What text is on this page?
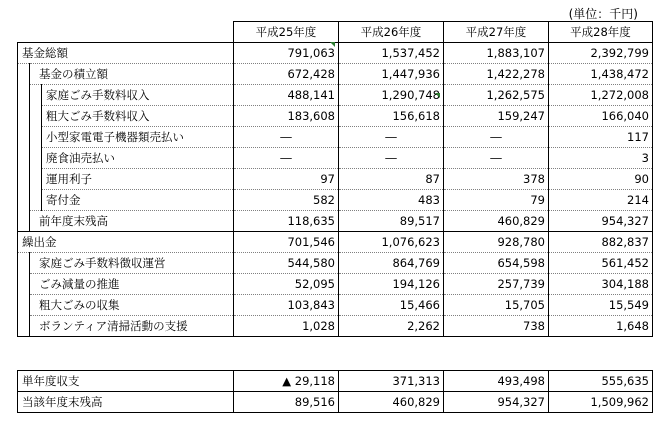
(単位：千円)
			平成25年度	平成26年度	平成27年度	平成28年度
基金総額			791,063	1,537,452	1,883,107	2,392,799
	基金の積立額		672,428	1,447,936	1,422,278	1,438,472
		家庭ごみ手数料収入	488,141	1,290,748	1,262,575	1,272,008
		粗大ごみ手数料収入	183,608	156,618	159,247	166,040
		小型家電電子機器類売払い	―	―	―	117
		廃食油売払い	―	―	―	3
		運用利子	97	87	378	90
		寄付金	582	483	79	214
	前年度末残高		118,635	89,517	460,829	954,327
繰出金			701,546	1,076,623	928,780	882,837
	家庭ごみ手数料徴収運営		544,580	864,769	654,598	561,452
	ごみ減量の推進		52,095	194,126	257,739	304,188
	粗大ごみの収集		103,843	15,466	15,705	15,549
	ボランティア清掃活動の支援		1,028	2,262	738	1,648
単年度収支	▲ 29,118	371,313	493,498	555,635
当該年度末残高	89,516	460,829	954,327	1,509,962
